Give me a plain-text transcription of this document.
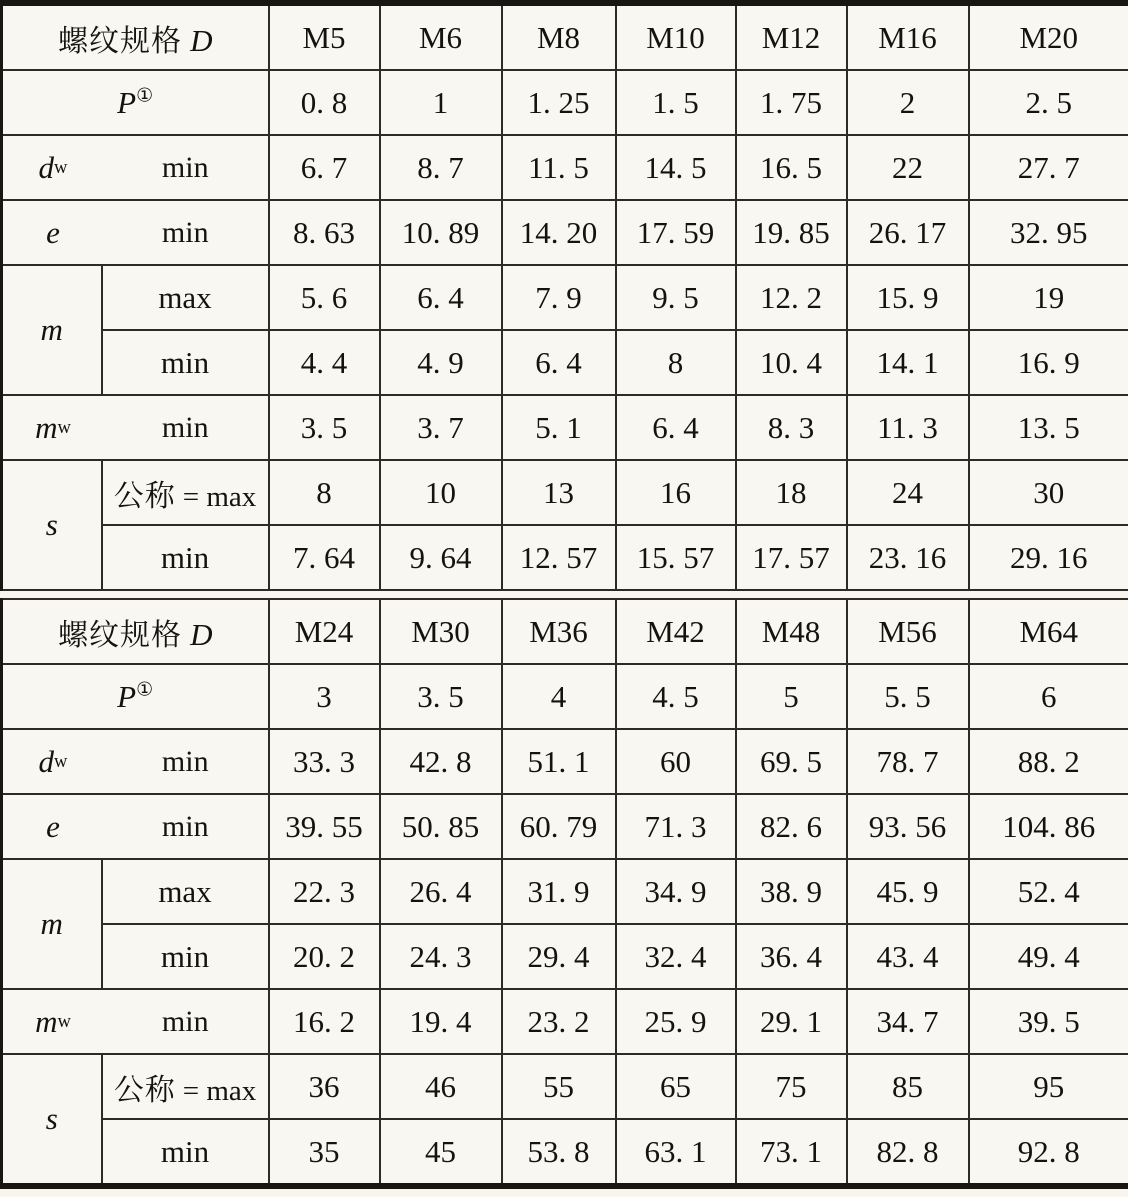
螺纹规格 D		M5	M6	M8	M10	M12	M16	M20
P①		0. 8	1	1. 25	1. 5	1. 75	2	2. 5

d w min		6. 7	8. 7	11. 5	14. 5	16. 5	22	27. 7

e min		8. 63	10. 89	14. 20	17. 59	19. 85	26. 17	32. 95
m	max	5. 6	6. 4	7. 9	9. 5	12. 2	15. 9	19
	min	4. 4	4. 9	6. 4	8	10. 4	14. 1	16. 9

m w min		3. 5	3. 7	5. 1	6. 4	8. 3	11. 3	13. 5
s	公称 = max	8	10	13	16	18	24	30
	min	7. 64	9. 64	12. 57	15. 57	17. 57	23. 16	29. 16
螺纹规格 D		M24	M30	M36	M42	M48	M56	M64
P①		3	3. 5	4	4. 5	5	5. 5	6

d w min		33. 3	42. 8	51. 1	60	69. 5	78. 7	88. 2

e min		39. 55	50. 85	60. 79	71. 3	82. 6	93. 56	104. 86
m	max	22. 3	26. 4	31. 9	34. 9	38. 9	45. 9	52. 4
	min	20. 2	24. 3	29. 4	32. 4	36. 4	43. 4	49. 4

m w min		16. 2	19. 4	23. 2	25. 9	29. 1	34. 7	39. 5
s	公称 = max	36	46	55	65	75	85	95
	min	35	45	53. 8	63. 1	73. 1	82. 8	92. 8
